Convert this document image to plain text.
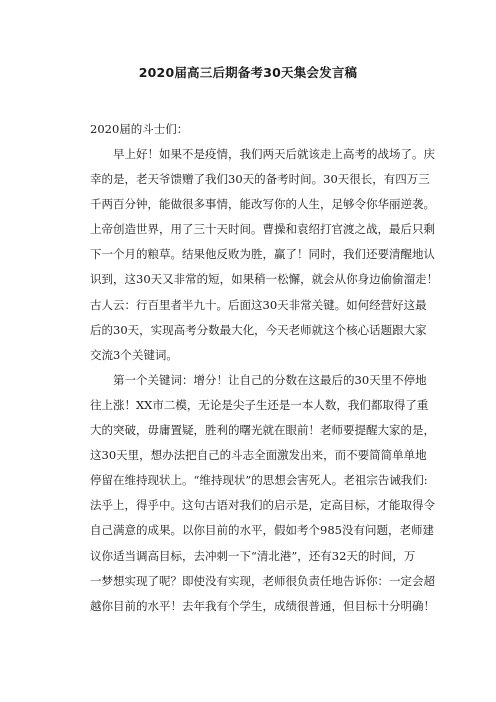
2020届高三后期备考30天集会发言稿

2020届的斗士们：

早上好！如果不是疫情，我们两天后就该走上高考的战场了。庆
幸的是，老天爷馈赠了我们30天的备考时间。30天很长，有四万三
千两百分钟，能做很多事情，能改写你的人生，足够令你华丽逆袭。
上帝创造世界，用了三十天时间。曹操和袁绍打官渡之战，最后只剩
下一个月的粮草。结果他反败为胜，赢了！同时，我们还要清醒地认
识到，这30天又非常的短，如果稍一松懈，就会从你身边偷偷溜走！
古人云：行百里者半九十。后面这30天非常关键。如何经营好这最
后的30天，实现高考分数最大化，今天老师就这个核心话题跟大家
交流3个关键词。
第一个关键词：增分！让自己的分数在这最后的30天里不停地
往上涨！XX市二模，无论是尖子生还是一本人数，我们都取得了重
大的突破，毋庸置疑，胜利的曙光就在眼前！老师要提醒大家的是，
这30天里，想办法把自己的斗志全面激发出来，而不要简简单单地
停留在维持现状上。“维持现状”的思想会害死人。老祖宗告诫我们:
法乎上，得乎中。这句古语对我们的启示是，定高目标，才能取得令
自己满意的成果。以你目前的水平，假如考个985没有问题，老师建
议你适当调高目标，去冲刺一下“清北港”，还有32天的时间，万
一梦想实现了呢？即使没有实现，老师很负责任地告诉你：一定会超
越你目前的水平！去年我有个学生，成绩很普通，但目标十分明确！
